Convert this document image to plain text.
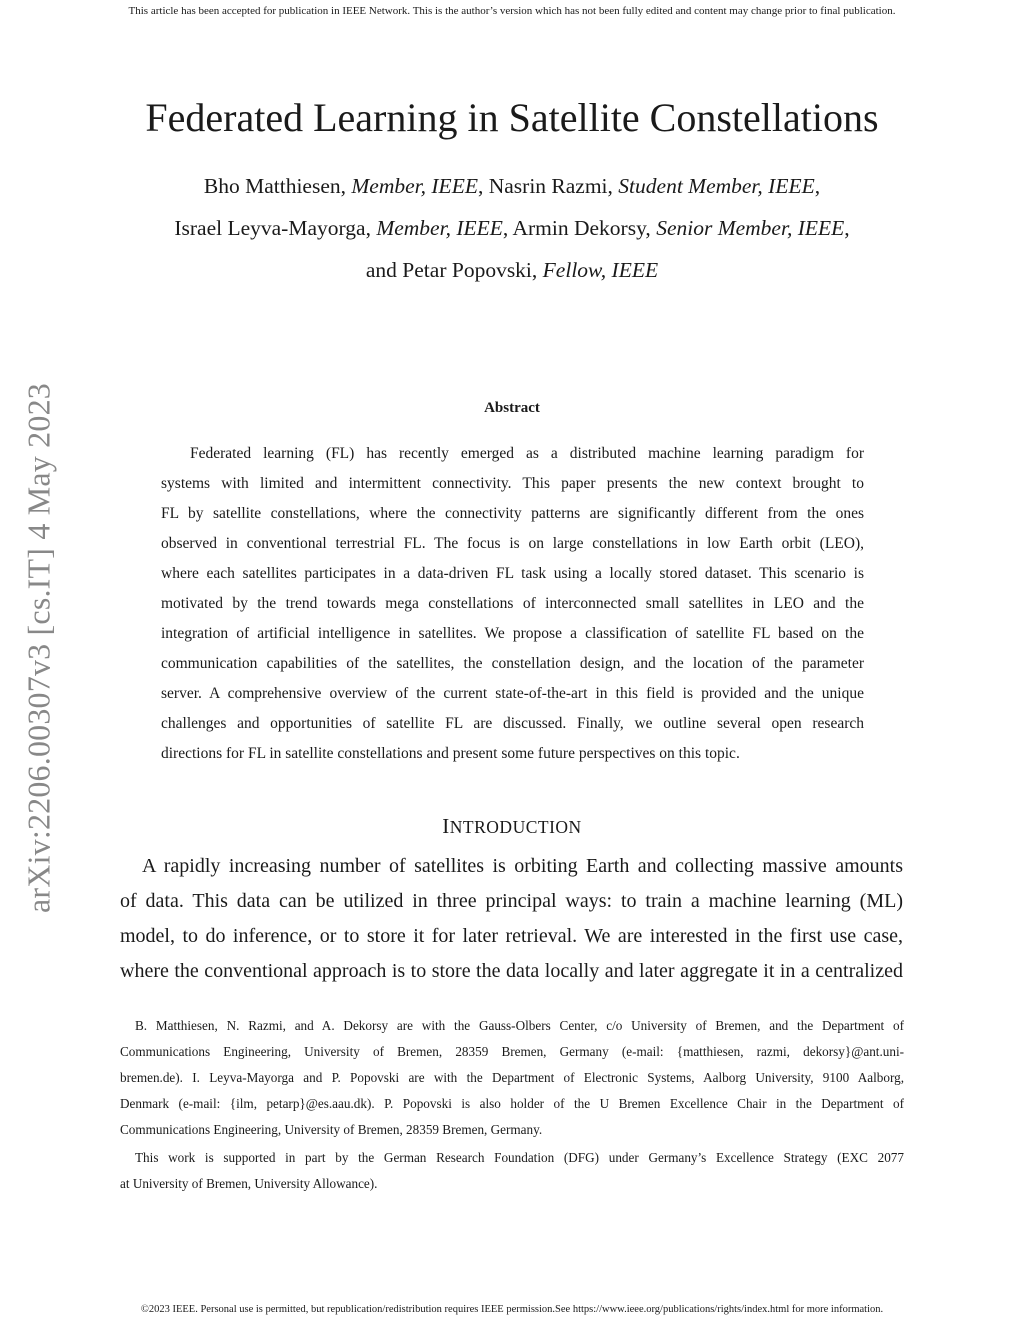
This article has been accepted for publication in IEEE Network. This is the author’s version which has not been fully edited and content may change prior to final publication.
arXiv:2206.00307v3 [cs.IT] 4 May 2023
Federated Learning in Satellite Constellations
Bho Matthiesen, Member, IEEE, Nasrin Razmi, Student Member, IEEE,
Israel Leyva-Mayorga, Member, IEEE, Armin Dekorsy, Senior Member, IEEE,
and Petar Popovski, Fellow, IEEE
Abstract
Federated learning (FL) has recently emerged as a distributed machine learning paradigm for
systems with limited and intermittent connectivity. This paper presents the new context brought to
FL by satellite constellations, where the connectivity patterns are significantly different from the ones
observed in conventional terrestrial FL. The focus is on large constellations in low Earth orbit (LEO),
where each satellites participates in a data-driven FL task using a locally stored dataset. This scenario is
motivated by the trend towards mega constellations of interconnected small satellites in LEO and the
integration of artificial intelligence in satellites. We propose a classification of satellite FL based on the
communication capabilities of the satellites, the constellation design, and the location of the parameter
server. A comprehensive overview of the current state-of-the-art in this field is provided and the unique
challenges and opportunities of satellite FL are discussed. Finally, we outline several open research
directions for FL in satellite constellations and present some future perspectives on this topic.
INTRODUCTION
A rapidly increasing number of satellites is orbiting Earth and collecting massive amounts
of data. This data can be utilized in three principal ways: to train a machine learning (ML)
model, to do inference, or to store it for later retrieval. We are interested in the first use case,
where the conventional approach is to store the data locally and later aggregate it in a centralized
B. Matthiesen, N. Razmi, and A. Dekorsy are with the Gauss-Olbers Center, c/o University of Bremen, and the Department of
Communications Engineering, University of Bremen, 28359 Bremen, Germany (e-mail: {matthiesen, razmi, dekorsy}@ant.uni-
bremen.de). I. Leyva-Mayorga and P. Popovski are with the Department of Electronic Systems, Aalborg University, 9100 Aalborg,
Denmark (e-mail: {ilm, petarp}@es.aau.dk). P. Popovski is also holder of the U Bremen Excellence Chair in the Department of
Communications Engineering, University of Bremen, 28359 Bremen, Germany.
This work is supported in part by the German Research Foundation (DFG) under Germany’s Excellence Strategy (EXC 2077
at University of Bremen, University Allowance).
©2023 IEEE. Personal use is permitted, but republication/redistribution requires IEEE permission.See https://www.ieee.org/publications/rights/index.html for more information.
